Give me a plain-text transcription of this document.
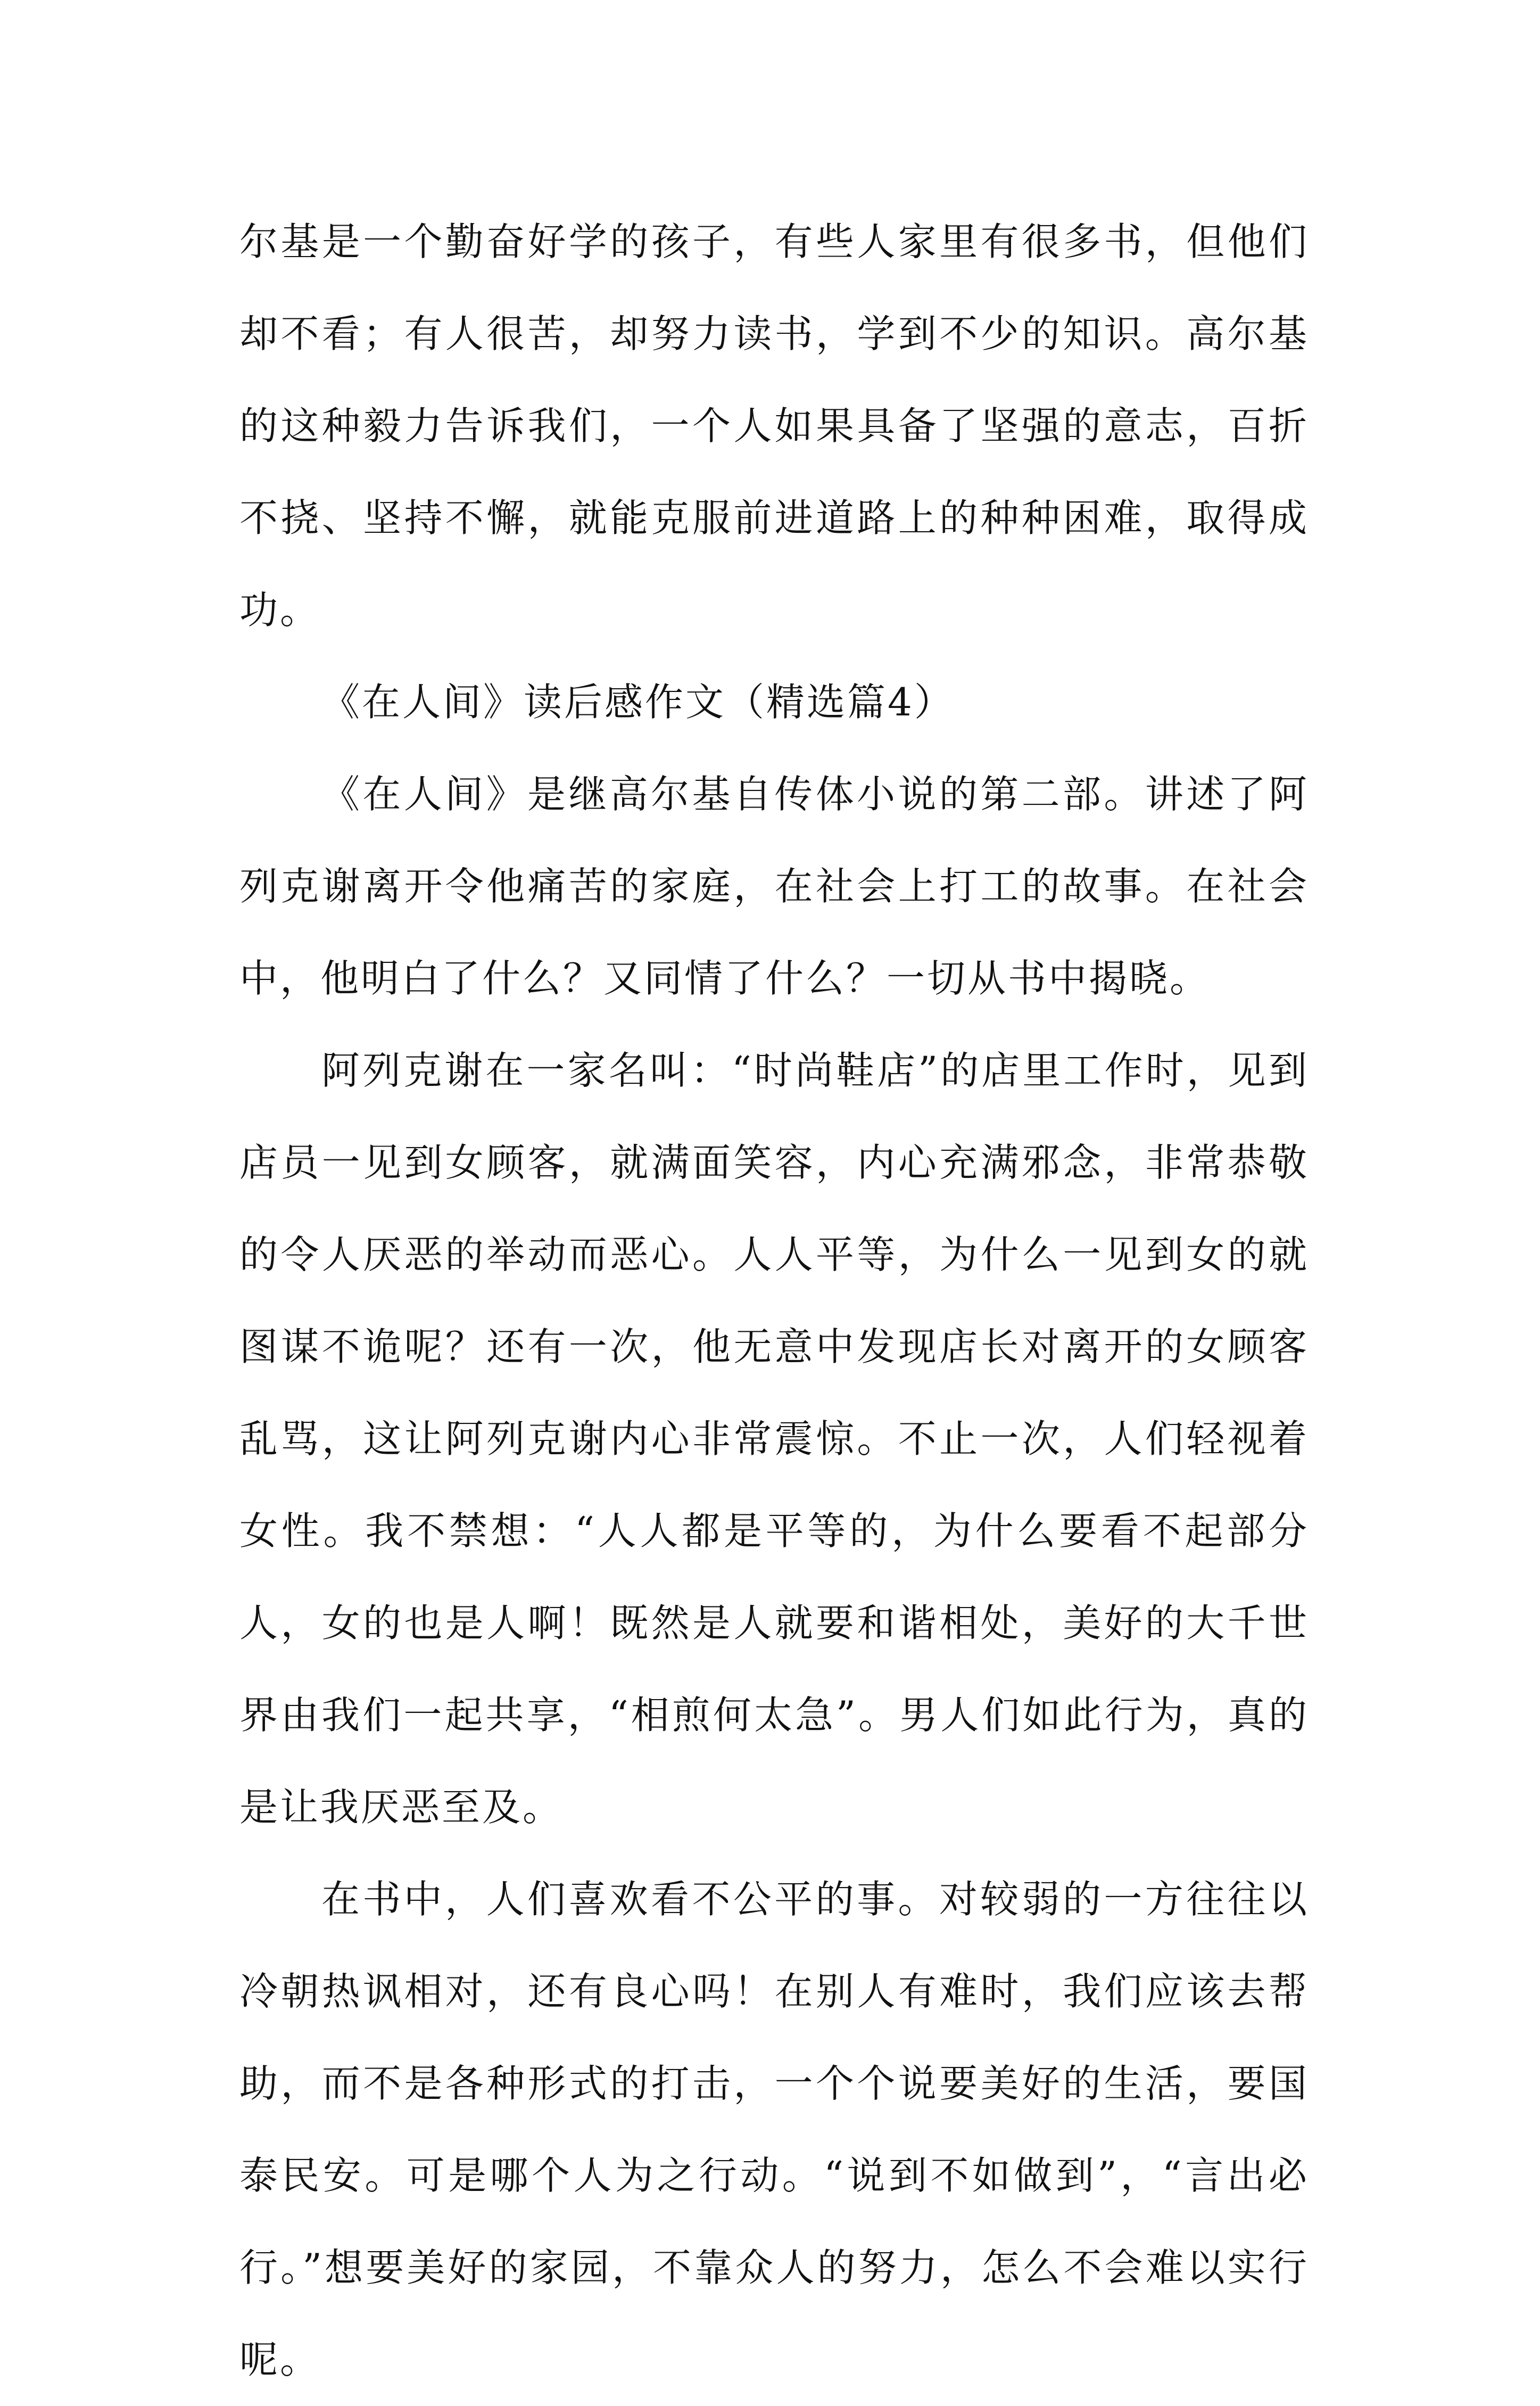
尔基是一个勤奋好学的孩子，有些人家里有很多书，但他们却不看；有人很苦，却努力读书，学到不少的知识。高尔基的这种毅力告诉我们，一个人如果具备了坚强的意志，百折不挠、坚持不懈，就能克服前进道路上的种种困难，取得成功。

《在人间》读后感作文（精选篇4）

《在人间》是继高尔基自传体小说的第二部。讲述了阿列克谢离开令他痛苦的家庭，在社会上打工的故事。在社会中，他明白了什么？又同情了什么？一切从书中揭晓。

阿列克谢在一家名叫：“时尚鞋店”的店里工作时，见到店员一见到女顾客，就满面笑容，内心充满邪念，非常恭敬的令人厌恶的举动而恶心。人人平等，为什么一见到女的就图谋不诡呢？还有一次，他无意中发现店长对离开的女顾客乱骂，这让阿列克谢内心非常震惊。不止一次，人们轻视着女性。我不禁想：“人人都是平等的，为什么要看不起部分人，女的也是人啊！既然是人就要和谐相处，美好的大千世界由我们一起共享，“相煎何太急”。男人们如此行为，真的是让我厌恶至及。

在书中，人们喜欢看不公平的事。对较弱的一方往往以冷朝热讽相对，还有良心吗！在别人有难时，我们应该去帮助，而不是各种形式的打击，一个个说要美好的生活，要国泰民安。可是哪个人为之行动。“说到不如做到”，“言出必行。”想要美好的家园，不靠众人的努力，怎么不会难以实行呢。
